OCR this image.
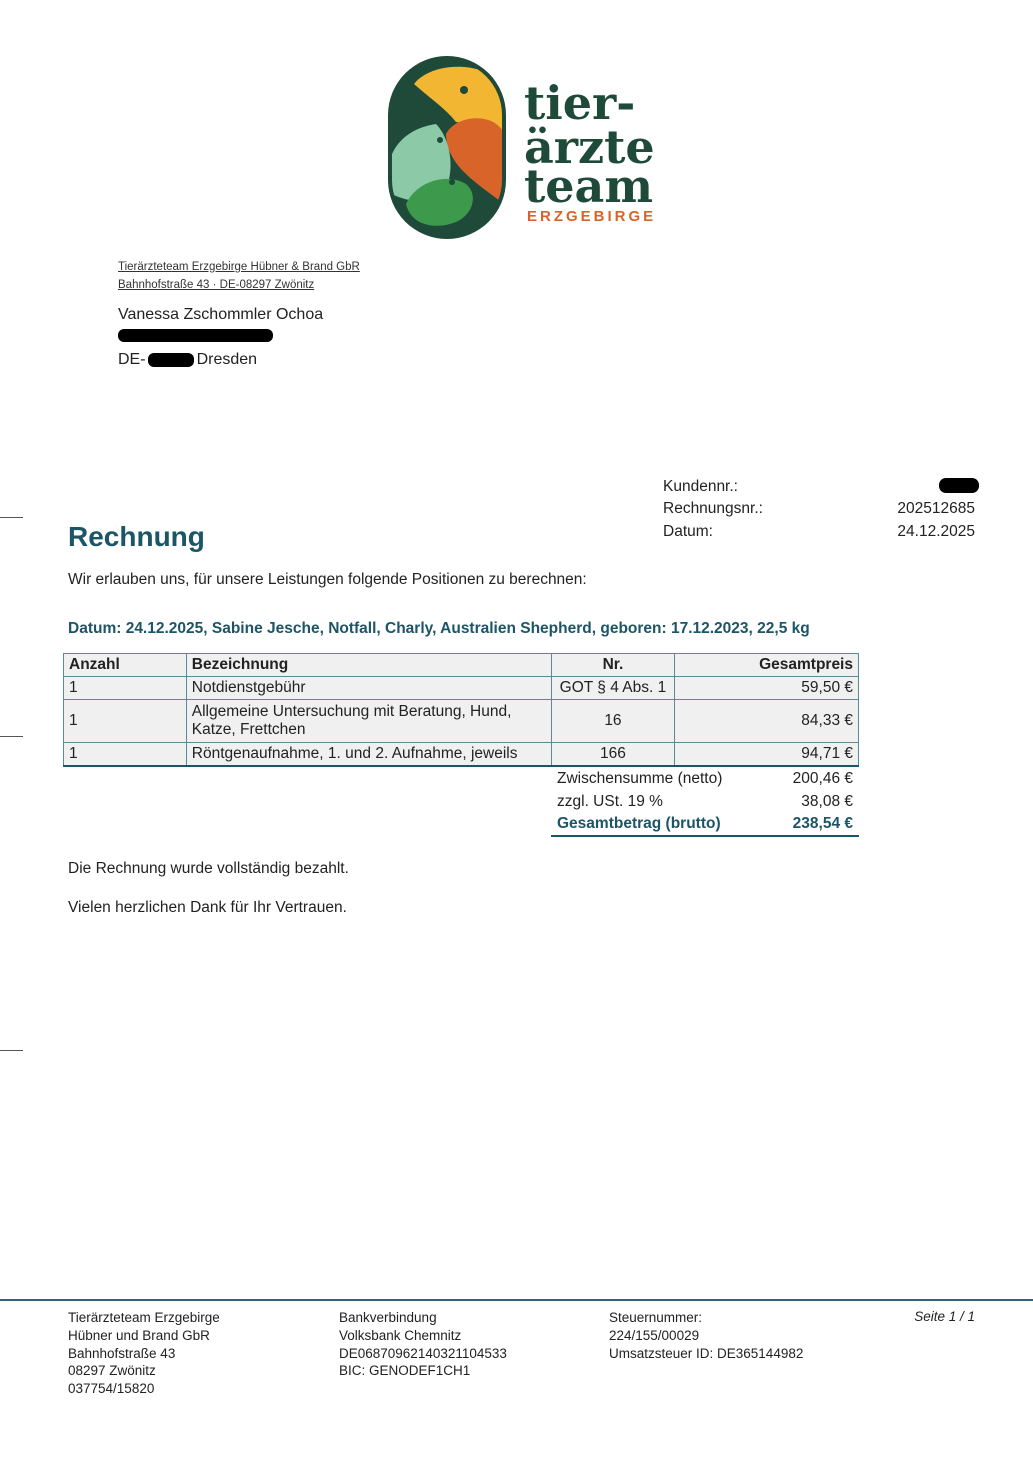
tier-
ärzte
team
ERZGEBIRGE
Tierärzteteam Erzgebirge Hübner & Brand GbR
Bahnhofstraße 43 · DE-08297 Zwönitz
Vanessa Zschommler Ochoa
DE-	Dresden
Kundennr.:
Rechnungsnr.:	202512685
Datum:	24.12.2025
Rechnung
Wir erlauben uns, für unsere Leistungen folgende Positionen zu berechnen:
Datum: 24.12.2025, Sabine Jesche, Notfall, Charly, Australien Shepherd, geboren: 17.12.2023, 22,5 kg
Anzahl	Bezeichnung	Nr.	Gesamtpreis
1	Notdienstgebühr	GOT § 4 Abs. 1	59,50 €
1	Allgemeine Untersuchung mit Beratung, Hund, Katze, Frettchen	16	84,33 €
1	Röntgenaufnahme, 1. und 2. Aufnahme, jeweils	166	94,71 €
Zwischensumme (netto)	200,46 €
zzgl. USt. 19 %	38,08 €
Gesamtbetrag (brutto)	238,54 €
Die Rechnung wurde vollständig bezahlt.
Vielen herzlichen Dank für Ihr Vertrauen.
Tierärzteteam Erzgebirge
Hübner und Brand GbR
Bahnhofstraße 43
08297 Zwönitz
037754/15820
Bankverbindung
Volksbank Chemnitz
DE06870962140321104533
BIC: GENODEF1CH1
Steuernummer:
224/155/00029
Umsatzsteuer ID: DE365144982
Seite 1 / 1
